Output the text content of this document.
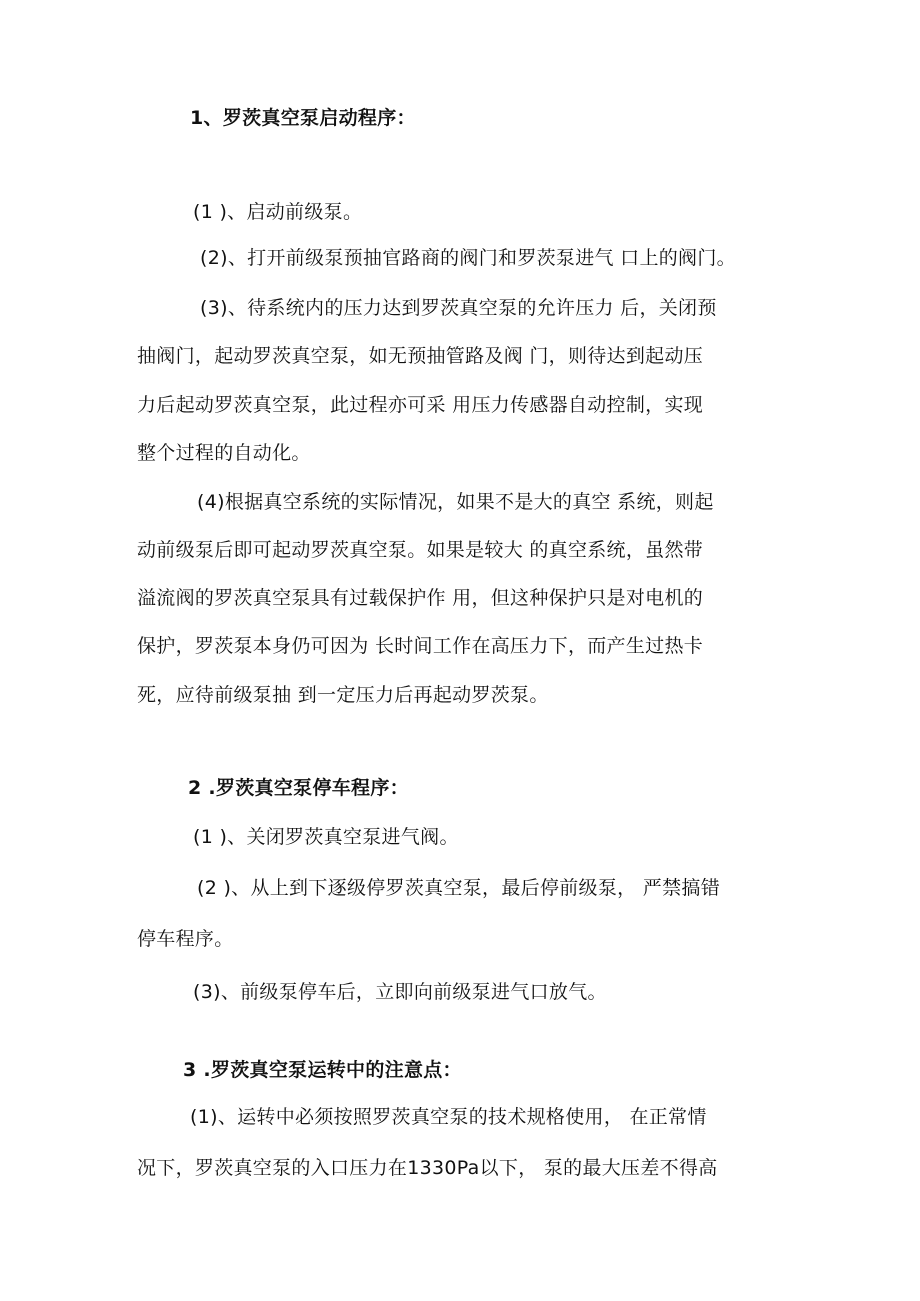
1、罗茨真空泵启动程序：
(1 )、启动前级泵。
(2)、打开前级泵预抽官路商的阀门和罗茨泵进气 口上的阀门。
(3)、待系统内的压力达到罗茨真空泵的允许压力 后，关闭预
抽阀门，起动罗茨真空泵，如无预抽管路及阀 门，则待达到起动压
力后起动罗茨真空泵，此过程亦可采 用压力传感器自动控制，实现
整个过程的自动化。
(4)根据真空系统的实际情况，如果不是大的真空 系统，则起
动前级泵后即可起动罗茨真空泵。如果是较大 的真空系统，虽然带
溢流阀的罗茨真空泵具有过载保护作 用，但这种保护只是对电机的
保护，罗茨泵本身仍可因为 长时间工作在高压力下，而产生过热卡
死，应待前级泵抽 到一定压力后再起动罗茨泵。
2 .罗茨真空泵停车程序：
(1 )、关闭罗茨真空泵进气阀。
(2 )、从上到下逐级停罗茨真空泵，最后停前级泵， 严禁搞错
停车程序。
(3)、前级泵停车后，立即向前级泵进气口放气。
3 .罗茨真空泵运转中的注意点：
(1)、运转中必须按照罗茨真空泵的技术规格使用， 在正常情
况下，罗茨真空泵的入口压力在1330Pa以下， 泵的最大压差不得高
